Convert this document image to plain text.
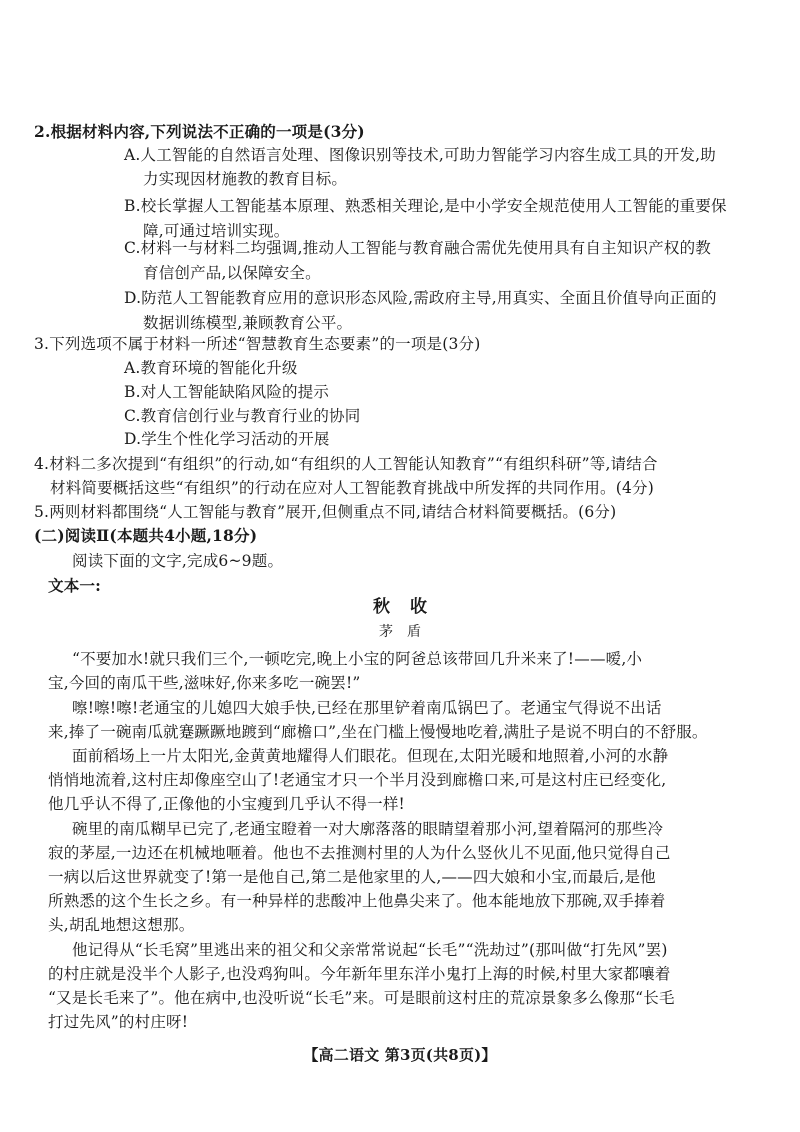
2.根据材料内容,下列说法不正确的一项是(3分)
A.人工智能的自然语言处理、图像识别等技术,可助力智能学习内容生成工具的开发,助
力实现因材施教的教育目标。
B.校长掌握人工智能基本原理、熟悉相关理论,是中小学安全规范使用人工智能的重要保
障,可通过培训实现。
C.材料一与材料二均强调,推动人工智能与教育融合需优先使用具有自主知识产权的教
育信创产品,以保障安全。
D.防范人工智能教育应用的意识形态风险,需政府主导,用真实、全面且价值导向正面的
数据训练模型,兼顾教育公平。
3.下列选项不属于材料一所述“智慧教育生态要素”的一项是(3分)
A.教育环境的智能化升级
B.对人工智能缺陷风险的提示
C.教育信创行业与教育行业的协同
D.学生个性化学习活动的开展
4.材料二多次提到“有组织”的行动,如“有组织的人工智能认知教育”“有组织科研”等,请结合
材料简要概括这些“有组织”的行动在应对人工智能教育挑战中所发挥的共同作用。(4分)
5.两则材料都围绕“人工智能与教育”展开,但侧重点不同,请结合材料简要概括。(6分)
(二)阅读Ⅱ(本题共4小题,18分)
阅读下面的文字,完成6~9题。
文本一:
秋收
茅盾
“不要加水!就只我们三个,一顿吃完,晚上小宝的阿爸总该带回几升米来了!——嗳,小
宝,今回的南瓜干些,滋味好,你来多吃一碗罢!”
嚓!嚓!嚓!老通宝的儿媳四大娘手快,已经在那里铲着南瓜锅巴了。老通宝气得说不出话
来,捧了一碗南瓜就蹇蹶蹶地踱到“廊檐口”,坐在门槛上慢慢地吃着,满肚子是说不明白的不舒服。
面前稻场上一片太阳光,金黄黄地耀得人们眼花。但现在,太阳光暖和地照着,小河的水静
悄悄地流着,这村庄却像座空山了!老通宝才只一个半月没到廊檐口来,可是这村庄已经变化,
他几乎认不得了,正像他的小宝瘦到几乎认不得一样!
碗里的南瓜糊早已完了,老通宝瞪着一对大廓落落的眼睛望着那小河,望着隔河的那些冷
寂的茅屋,一边还在机械地咂着。他也不去推测村里的人为什么竖伙儿不见面,他只觉得自己
一病以后这世界就变了!第一是他自己,第二是他家里的人,——四大娘和小宝,而最后,是他
所熟悉的这个生长之乡。有一种异样的悲酸冲上他鼻尖来了。他本能地放下那碗,双手捧着
头,胡乱地想这想那。
他记得从“长毛窝”里逃出来的祖父和父亲常常说起“长毛”“洗劫过”(那叫做“打先风”罢)
的村庄就是没半个人影子,也没鸡狗叫。今年新年里东洋小鬼打上海的时候,村里大家都嚷着
“又是长毛来了”。他在病中,也没听说“长毛”来。可是眼前这村庄的荒凉景象多么像那“长毛
打过先风”的村庄呀!
【高二语文 第3页(共8页)】
